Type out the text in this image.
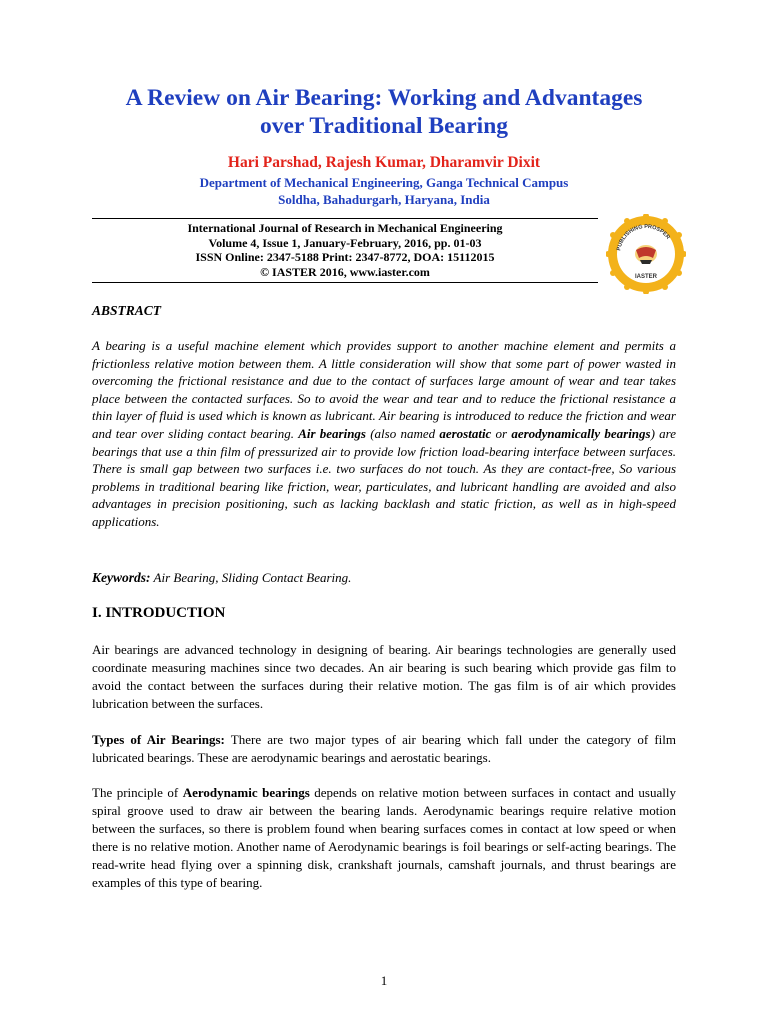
A Review on Air Bearing: Working and Advantages
over Traditional Bearing
Hari Parshad, Rajesh Kumar, Dharamvir Dixit
Department of Mechanical Engineering, Ganga Technical Campus
Soldha, Bahadurgarh, Haryana, India
International Journal of Research in Mechanical Engineering
Volume 4, Issue 1, January-February, 2016, pp. 01-03
ISSN Online: 2347-5188 Print: 2347-8772, DOA: 15112015
© IASTER 2016, www.iaster.com
PUBLISHING PROSPER
IASTER
ABSTRACT
A bearing is a useful machine element which provides support to another machine element and permits a frictionless relative motion between them. A little consideration will show that some part of power wasted in overcoming the frictional resistance and due to the contact of surfaces large amount of wear and tear takes place between the contacted surfaces. So to avoid the wear and tear and to reduce the frictional resistance a thin layer of fluid is used which is known as lubricant. Air bearing is introduced to reduce the friction and wear and tear over sliding contact bearing. Air bearings (also named aerostatic or aerodynamically bearings) are bearings that use a thin film of pressurized air to provide low friction load-bearing interface between surfaces. There is small gap between two surfaces i.e. two surfaces do not touch. As they are contact-free, So various problems in traditional bearing like friction, wear, particulates, and lubricant handling are avoided and also advantages in precision positioning, such as lacking backlash and static friction, as well as in high-speed applications.
Keywords: Air Bearing, Sliding Contact Bearing.
I. INTRODUCTION
Air bearings are advanced technology in designing of bearing. Air bearings technologies are generally used coordinate measuring machines since two decades. An air bearing is such bearing which provide gas film to avoid the contact between the surfaces during their relative motion. The gas film is of air which provides lubrication between the surfaces.
Types of Air Bearings: There are two major types of air bearing which fall under the category of film lubricated bearings. These are aerodynamic bearings and aerostatic bearings.
The principle of Aerodynamic bearings depends on relative motion between surfaces in contact and usually spiral groove used to draw air between the bearing lands. Aerodynamic bearings require relative motion between the surfaces, so there is problem found when bearing surfaces comes in contact at low speed or when there is no relative motion. Another name of Aerodynamic bearings is foil bearings or self-acting bearings. The read-write head flying over a spinning disk, crankshaft journals, camshaft journals, and thrust bearings are examples of this type of bearing.
1
